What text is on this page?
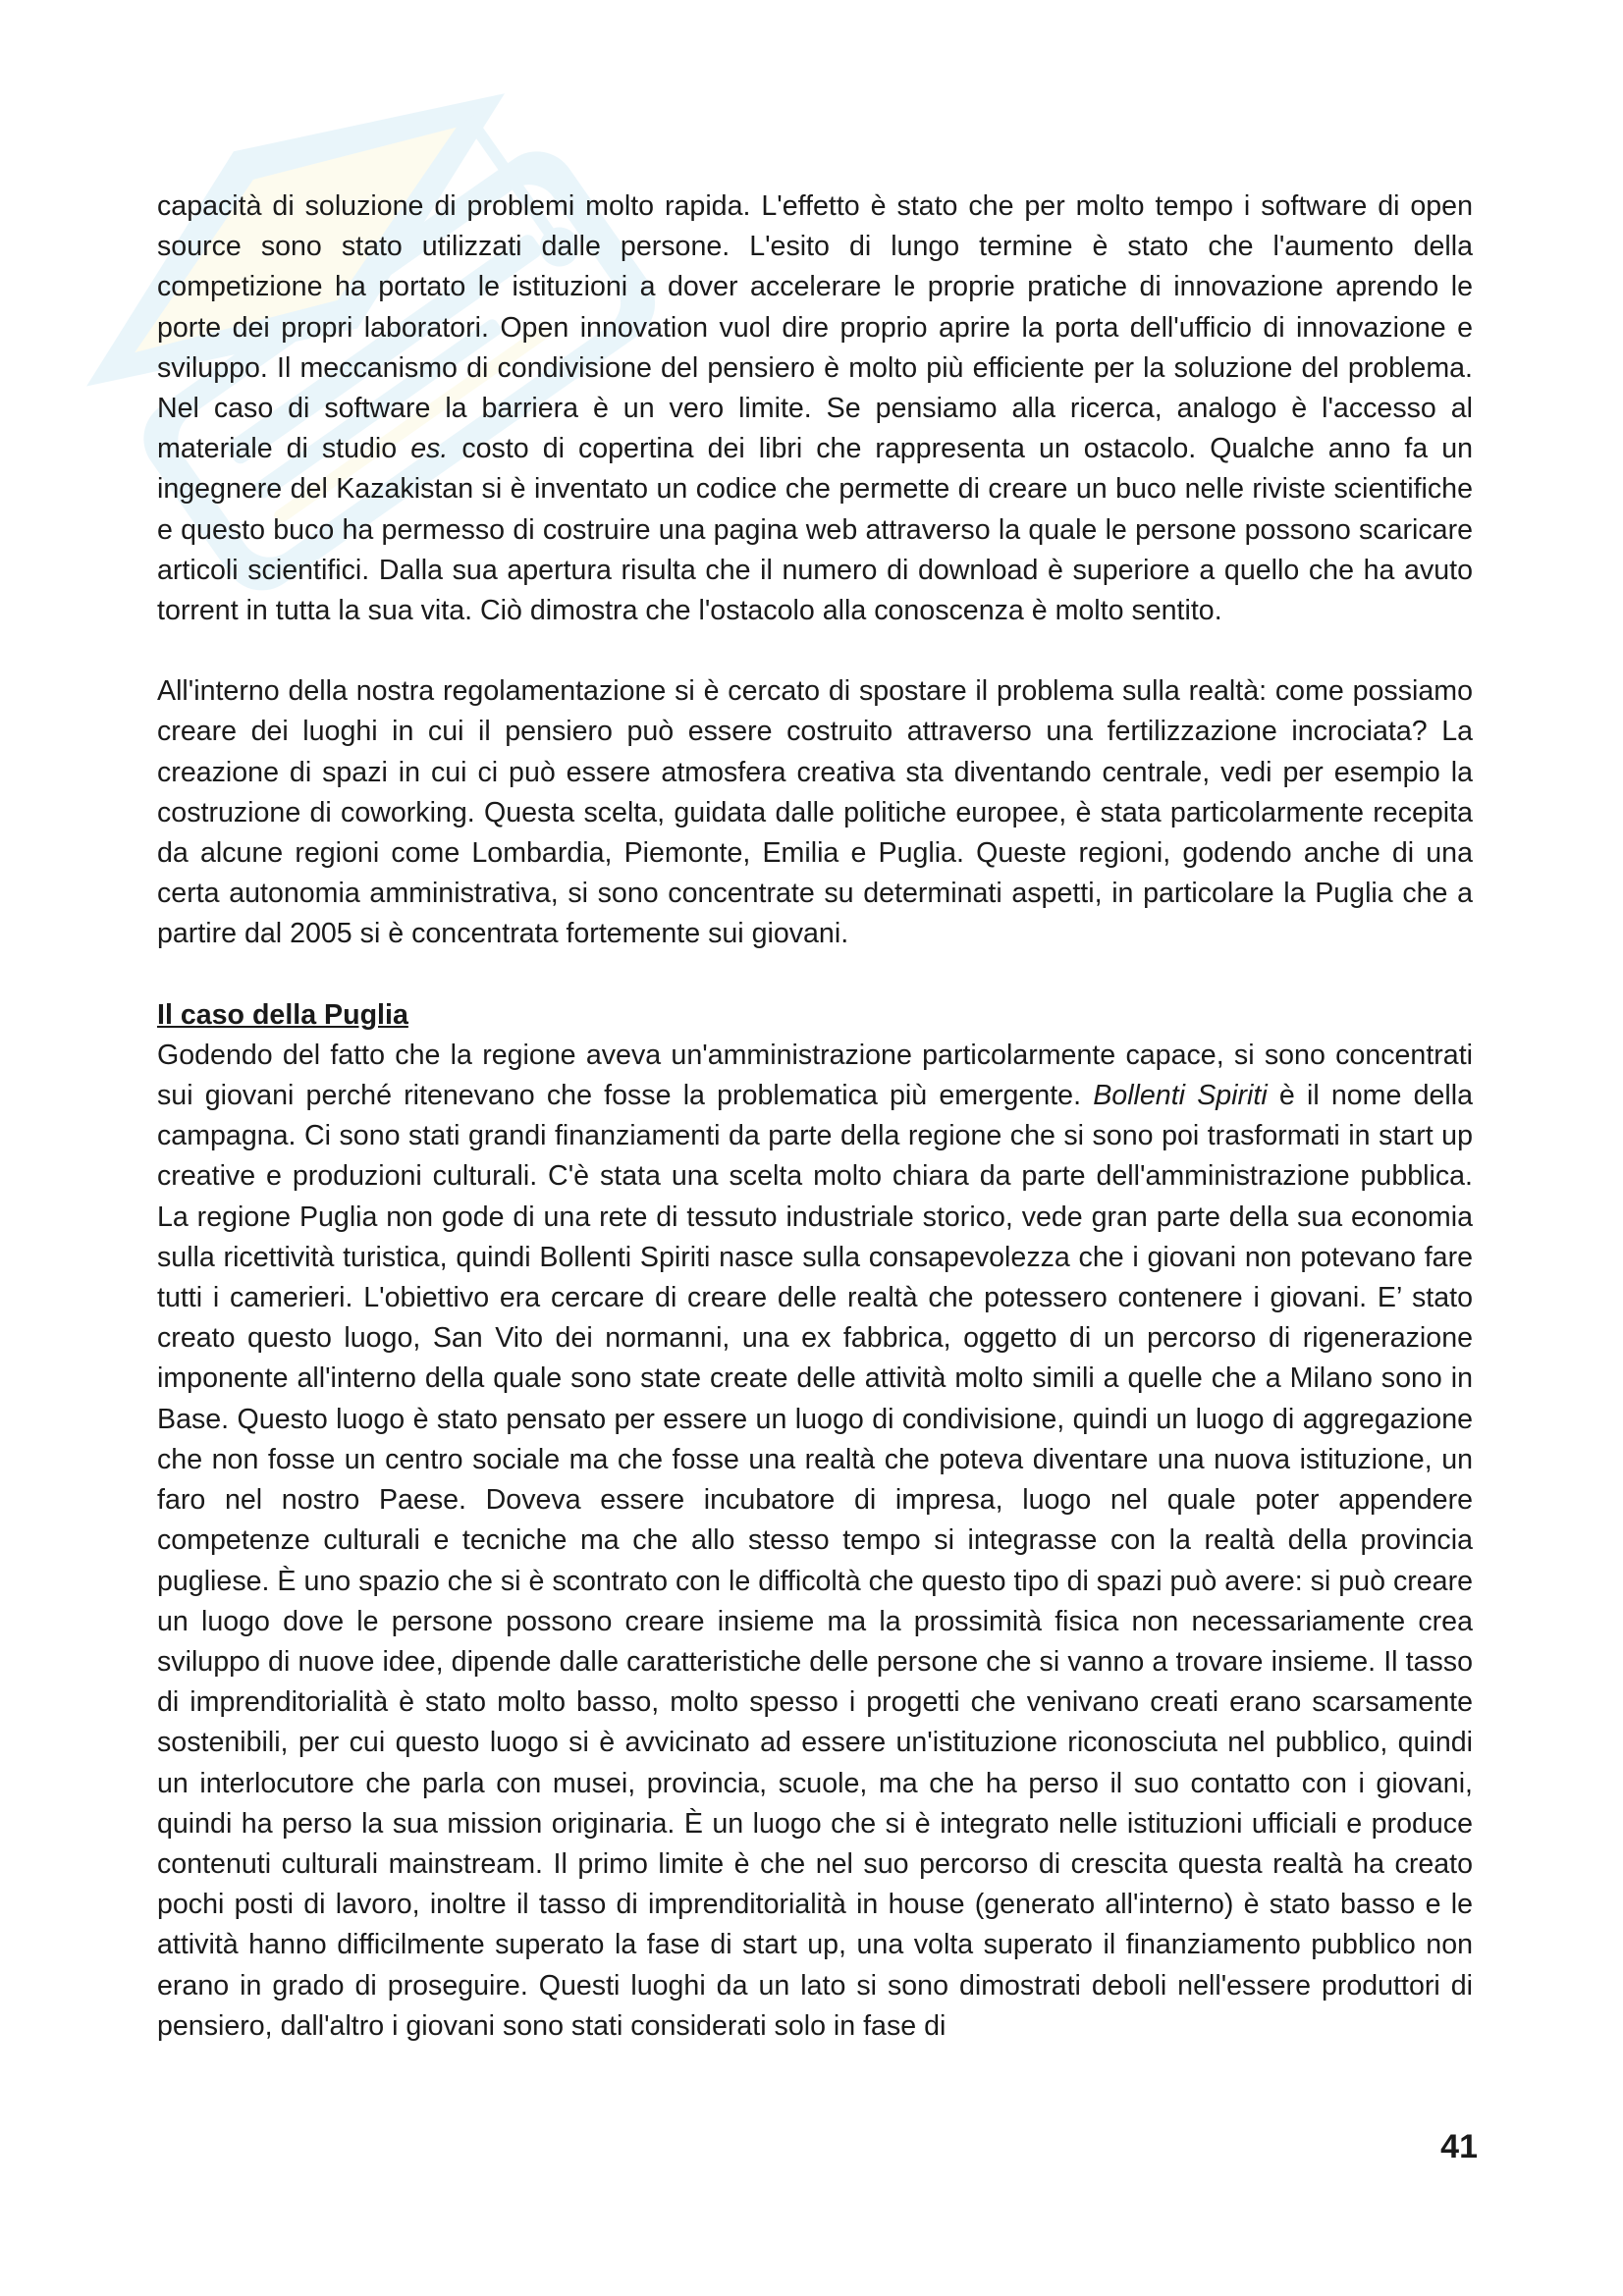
capacità di soluzione di problemi molto rapida. L'effetto è stato che per molto tempo i software di open source sono stato utilizzati dalle persone. L'esito di lungo termine è stato che l'aumento della competizione ha portato le istituzioni a dover accelerare le proprie pratiche di innovazione aprendo le porte dei propri laboratori. Open innovation vuol dire proprio aprire la porta dell'ufficio di innovazione e sviluppo. Il meccanismo di condivisione del pensiero è molto più efficiente per la soluzione del problema. Nel caso di software la barriera è un vero limite. Se pensiamo alla ricerca, analogo è l'accesso al materiale di studio es. costo di copertina dei libri che rappresenta un ostacolo. Qualche anno fa un ingegnere del Kazakistan si è inventato un codice che permette di creare un buco nelle riviste scientifiche e questo buco ha permesso di costruire una pagina web attraverso la quale le persone possono scaricare articoli scientifici. Dalla sua apertura risulta che il numero di download è superiore a quello che ha avuto torrent in tutta la sua vita. Ciò dimostra che l'ostacolo alla conoscenza è molto sentito.

All'interno della nostra regolamentazione si è cercato di spostare il problema sulla realtà: come possiamo creare dei luoghi in cui il pensiero può essere costruito attraverso una fertilizzazione incrociata? La creazione di spazi in cui ci può essere atmosfera creativa sta diventando centrale, vedi per esempio la costruzione di coworking. Questa scelta, guidata dalle politiche europee, è stata particolarmente recepita da alcune regioni come Lombardia, Piemonte, Emilia e Puglia. Queste regioni, godendo anche di una certa autonomia amministrativa, si sono concentrate su determinati aspetti, in particolare la Puglia che a partire dal 2005 si è concentrata fortemente sui giovani.

Il caso della Puglia

Godendo del fatto che la regione aveva un'amministrazione particolarmente capace, si sono concentrati sui giovani perché ritenevano che fosse la problematica più emergente. Bollenti Spiriti è il nome della campagna. Ci sono stati grandi finanziamenti da parte della regione che si sono poi trasformati in start up creative e produzioni culturali. C'è stata una scelta molto chiara da parte dell'amministrazione pubblica. La regione Puglia non gode di una rete di tessuto industriale storico, vede gran parte della sua economia sulla ricettività turistica, quindi Bollenti Spiriti nasce sulla consapevolezza che i giovani non potevano fare tutti i camerieri. L'obiettivo era cercare di creare delle realtà che potessero contenere i giovani. E’ stato creato questo luogo, San Vito dei normanni, una ex fabbrica, oggetto di un percorso di rigenerazione imponente all'interno della quale sono state create delle attività molto simili a quelle che a Milano sono in Base. Questo luogo è stato pensato per essere un luogo di condivisione, quindi un luogo di aggregazione che non fosse un centro sociale ma che fosse una realtà che poteva diventare una nuova istituzione, un faro nel nostro Paese. Doveva essere incubatore di impresa, luogo nel quale poter appendere competenze culturali e tecniche ma che allo stesso tempo si integrasse con la realtà della provincia pugliese. È uno spazio che si è scontrato con le difficoltà che questo tipo di spazi può avere: si può creare un luogo dove le persone possono creare insieme ma la prossimità fisica non necessariamente crea sviluppo di nuove idee, dipende dalle caratteristiche delle persone che si vanno a trovare insieme. Il tasso di imprenditorialità è stato molto basso, molto spesso i progetti che venivano creati erano scarsamente sostenibili, per cui questo luogo si è avvicinato ad essere un'istituzione riconosciuta nel pubblico, quindi un interlocutore che parla con musei, provincia, scuole, ma che ha perso il suo contatto con i giovani, quindi ha perso la sua mission originaria. È un luogo che si è integrato nelle istituzioni ufficiali e produce contenuti culturali mainstream. Il primo limite è che nel suo percorso di crescita questa realtà ha creato pochi posti di lavoro, inoltre il tasso di imprenditorialità in house (generato all'interno) è stato basso e le attività hanno difficilmente superato la fase di start up, una volta superato il finanziamento pubblico non erano in grado di proseguire. Questi luoghi da un lato si sono dimostrati deboli nell'essere produttori di pensiero, dall'altro i giovani sono stati considerati solo in fase di

41
